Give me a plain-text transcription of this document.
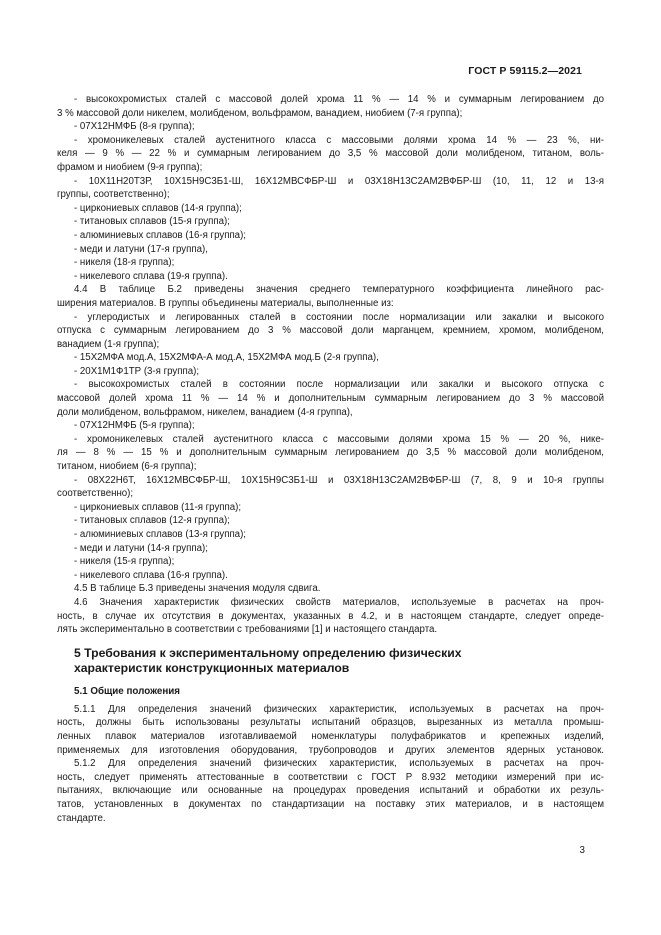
ГОСТ Р 59115.2—2021
- высокохромистых сталей с массовой долей хрома 11 % — 14 % и суммарным легированием до
3 % массовой доли никелем, молибденом, вольфрамом, ванадием, ниобием (7-я группа);
- 07Х12НМФБ (8-я группа);
- хромоникелевых сталей аустенитного класса с массовыми долями хрома 14 % — 23 %, ни-
келя — 9 % — 22 % и суммарным легированием до 3,5 % массовой доли молибденом, титаном, воль-
фрамом и ниобием (9-я группа);
- 10Х11Н20Т3Р, 10Х15Н9С3Б1-Ш, 16Х12МВСФБР-Ш и 03Х18Н13С2АМ2ВФБР-Ш (10, 11, 12 и 13-я
группы, соответственно);
- циркониевых сплавов (14-я группа);
- титановых сплавов (15-я группа);
- алюминиевых сплавов (16-я группа);
- меди и латуни (17-я группа),
- никеля (18-я группа);
- никелевого сплава (19-я группа).
4.4 В таблице Б.2 приведены значения среднего температурного коэффициента линейного рас-
ширения материалов. В группы объединены материалы, выполненные из:
- углеродистых и легированных сталей в состоянии после нормализации или закалки и высокого
отпуска с суммарным легированием до 3 % массовой доли марганцем, кремнием, хромом, молибденом,
ванадием (1-я группа);
- 15Х2МФА мод.А, 15Х2МФА-А мод.А, 15Х2МФА мод.Б (2-я группа),
- 20Х1М1Ф1ТР (3-я группа);
- высокохромистых сталей в состоянии после нормализации или закалки и высокого отпуска с
массовой долей хрома 11 % — 14 % и дополнительным суммарным легированием до 3 % массовой
доли молибденом, вольфрамом, никелем, ванадием (4-я группа),
- 07Х12НМФБ (5-я группа);
- хромоникелевых сталей аустенитного класса с массовыми долями хрома 15 % — 20 %, нике-
ля — 8 % — 15 % и дополнительным суммарным легированием до 3,5 % массовой доли молибденом,
титаном, ниобием (6-я группа);
- 08Х22Н6Т, 16Х12МВСФБР-Ш, 10Х15Н9С3Б1-Ш и 03Х18Н13С2АМ2ВФБР-Ш (7, 8, 9 и 10-я группы
соответственно);
- циркониевых сплавов (11-я группа);
- титановых сплавов (12-я группа);
- алюминиевых сплавов (13-я группа);
- меди и латуни (14-я группа);
- никеля (15-я группа);
- никелевого сплава (16-я группа).
4.5 В таблице Б.3 приведены значения модуля сдвига.
4.6 Значения характеристик физических свойств материалов, используемые в расчетах на проч-
ность, в случае их отсутствия в документах, указанных в 4.2, и в настоящем стандарте, следует опреде-
лять экспериментально в соответствии с требованиями [1] и настоящего стандарта.
5 Требования к экспериментальному определению физических
характеристик конструкционных материалов
5.1 Общие положения
5.1.1 Для определения значений физических характеристик, используемых в расчетах на проч-
ность, должны быть использованы результаты испытаний образцов, вырезанных из металла промыш-
ленных плавок материалов изготавливаемой номенклатуры полуфабрикатов и крепежных изделий,
применяемых для изготовления оборудования, трубопроводов и других элементов ядерных установок.
5.1.2 Для определения значений физических характеристик, используемых в расчетах на проч-
ность, следует применять аттестованные в соответствии с ГОСТ Р 8.932 методики измерений при ис-
пытаниях, включающие или основанные на процедурах проведения испытаний и обработки их резуль-
татов, установленных в документах по стандартизации на поставку этих материалов, и в настоящем
стандарте.
3
